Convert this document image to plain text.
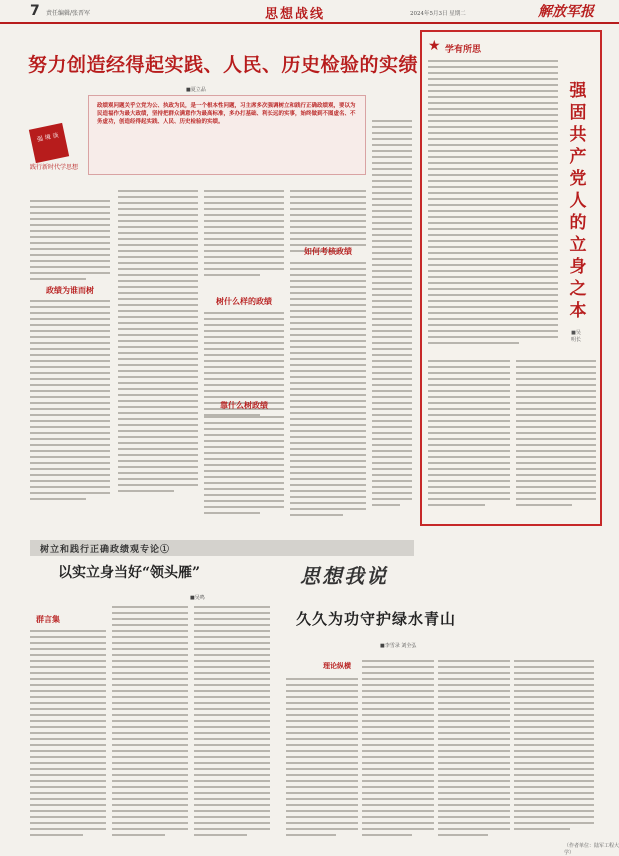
7 责任编辑/张晋军	思想战线	2024年5月3日 星期二	解放军报
努力创造经得起实践、人民、历史检验的实绩
■夏立品
强 境 谈
践行新时代学思想

政绩观问题关乎立党为公、执政为民，是一个根本性问题，习主席多次强调树立和践行正确政绩观，要以为民造福作为最大政绩，坚持把群众满意作为最高标准，多办打基础、利长远的实事，始终做到不图虚名、不务虚功，创造经得起实践、人民、历史检验的实绩。

政绩为谁而树
树什么样的政绩
靠什么树政绩
如何考核政绩
★ 学有所思
强固共产党人的立身之本
■吴明长
树立和践行正确政绩观专论①
以实立身当好“领头雁”
■吴鸣
群言集
思想我说
久久为功守护绿水青山
■李雪录 刘全弘
理论纵横
（作者单位：陆军工程大学）
